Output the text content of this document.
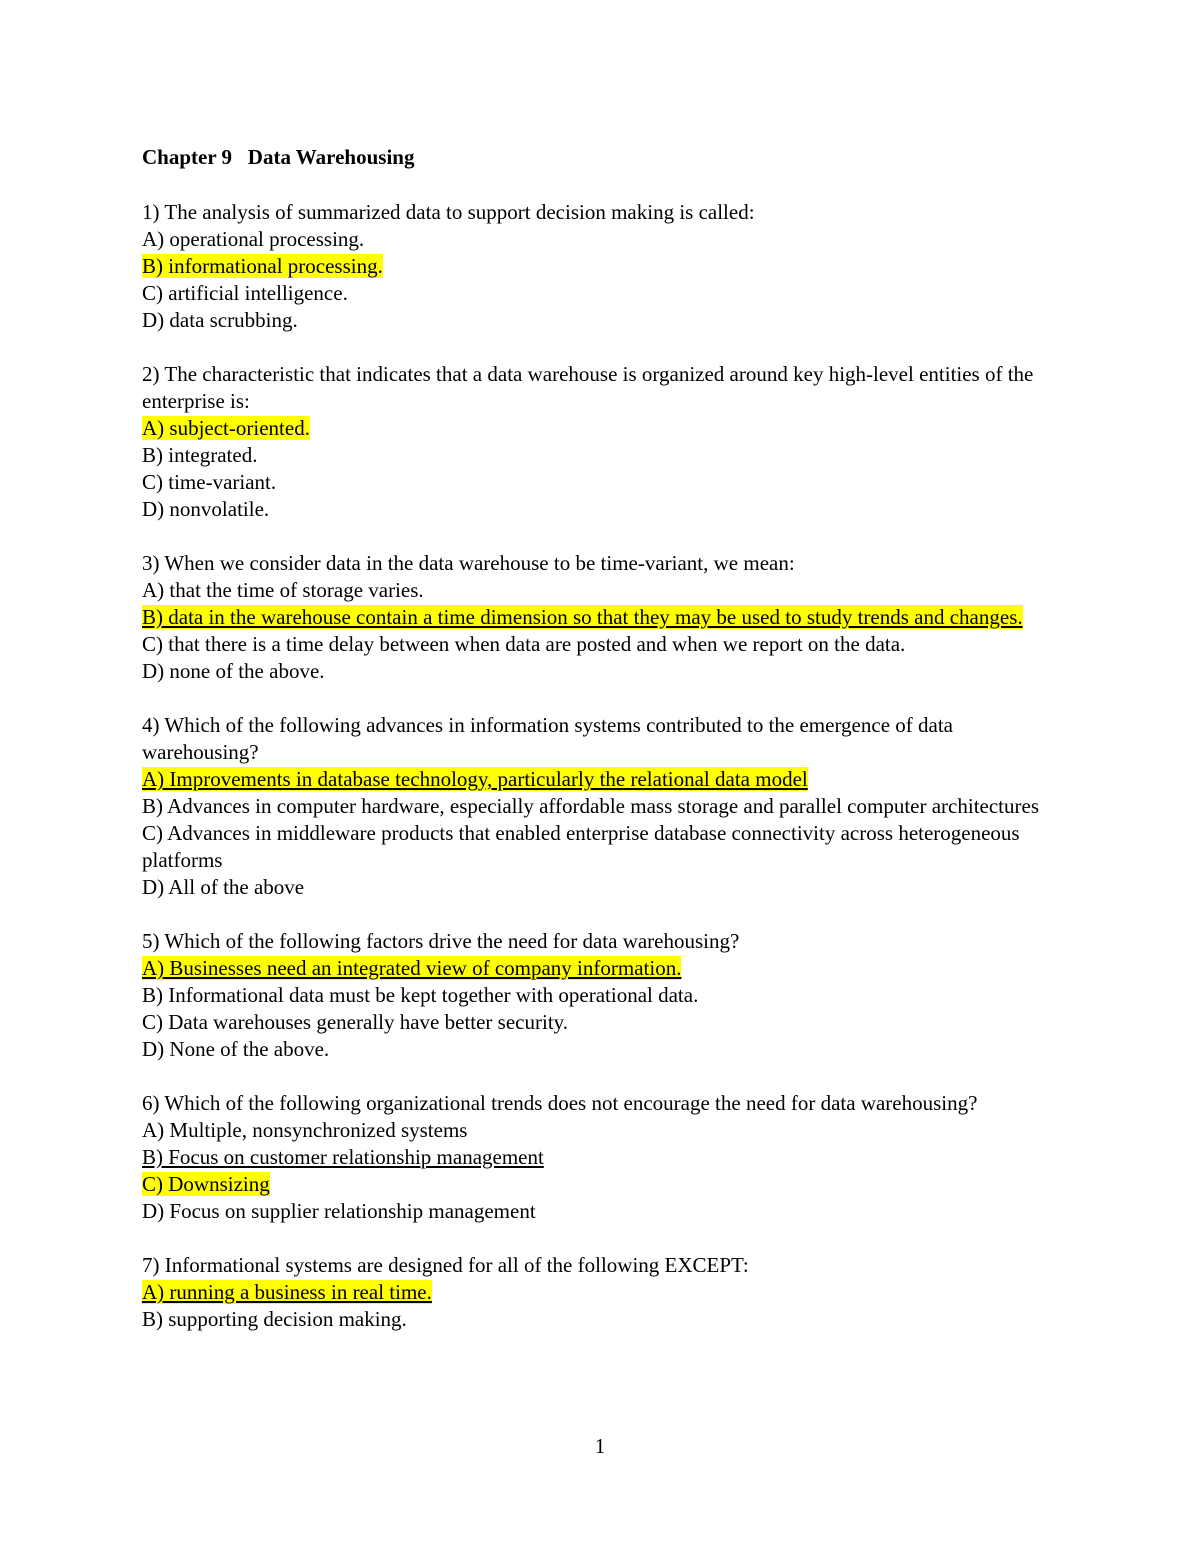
Chapter 9   Data Warehousing
1) The analysis of summarized data to support decision making is called:
A) operational processing.
B) informational processing.
C) artificial intelligence.
D) data scrubbing.
2) The characteristic that indicates that a data warehouse is organized around key high-level entities of the enterprise is:
A) subject-oriented.
B) integrated.
C) time-variant.
D) nonvolatile.
3) When we consider data in the data warehouse to be time-variant, we mean:
A) that the time of storage varies.
B) data in the warehouse contain a time dimension so that they may be used to study trends and changes.
C) that there is a time delay between when data are posted and when we report on the data.
D) none of the above.
4) Which of the following advances in information systems contributed to the emergence of data warehousing?
A) Improvements in database technology, particularly the relational data model
B) Advances in computer hardware, especially affordable mass storage and parallel computer architectures
C) Advances in middleware products that enabled enterprise database connectivity across heterogeneous platforms
D) All of the above
5) Which of the following factors drive the need for data warehousing?
A) Businesses need an integrated view of company information.
B) Informational data must be kept together with operational data.
C) Data warehouses generally have better security.
D) None of the above.
6) Which of the following organizational trends does not encourage the need for data warehousing?
A) Multiple, nonsynchronized systems
B) Focus on customer relationship management
C) Downsizing
D) Focus on supplier relationship management
7) Informational systems are designed for all of the following EXCEPT:
A) running a business in real time.
B) supporting decision making.
1
